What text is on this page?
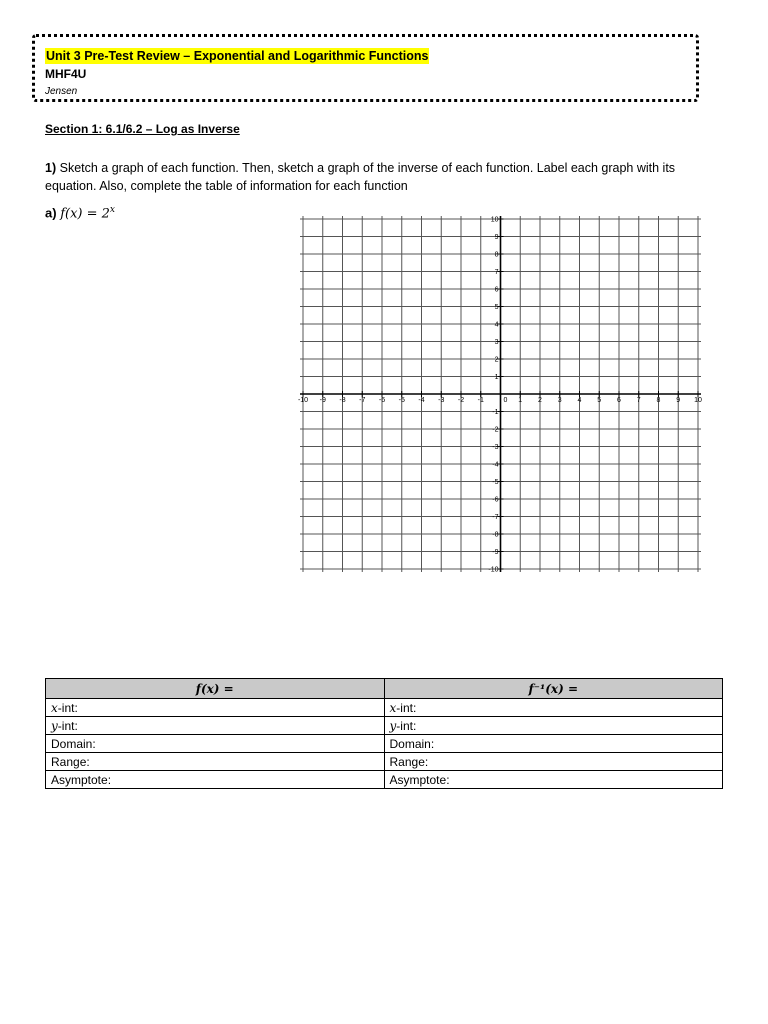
Unit 3 Pre-Test Review – Exponential and Logarithmic Functions
MHF4U
Jensen
Section 1: 6.1/6.2 – Log as Inverse
1) Sketch a graph of each function. Then, sketch a graph of the inverse of each function. Label each graph with its equation. Also, complete the table of information for each function
a) $f(x) = 2^x$
-10 -9 -8 -7 -6 -5 -4 -3 -2 -1	0 1 2 3 4 5 6 7 8 9 10
10
9
8
7
6
5
4
3
2
1
-1
-2
-3
-4
-5
-6
-7
-8
-9
-10
f(x) =	f⁻¹(x) =
x-int:	x-int:
y-int:	y-int:
Domain:	Domain:
Range:	Range:
Asymptote:	Asymptote:
